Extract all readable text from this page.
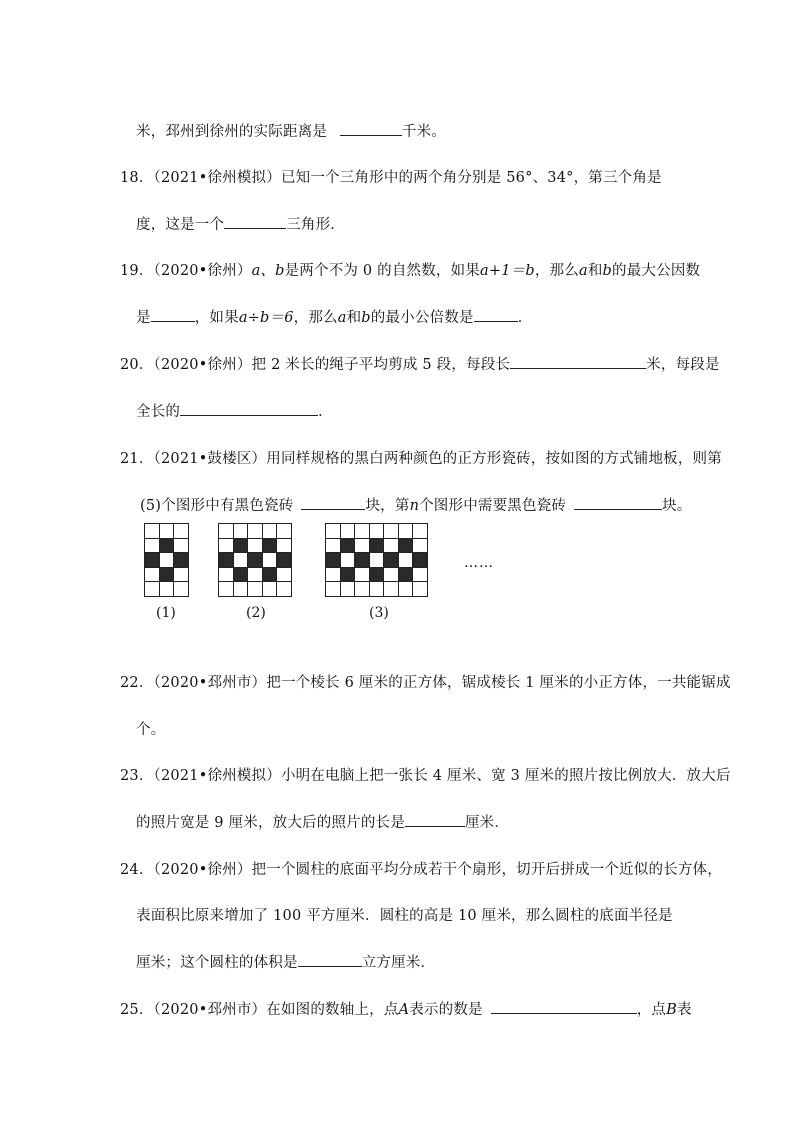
米，邳州到徐州的实际距离是	千米。
18．（2021•徐州模拟）已知一个三角形中的两个角分别是 56°、34°，第三个角是
度，这是一个	三角形．
19．（2020•徐州）a、b是两个不为 0 的自然数，如果a+1＝b，那么a和b的最大公因数
是	，如果a÷b＝6，那么a和b的最小公倍数是	．
20．（2020•徐州）把 2 米长的绳子平均剪成 5 段，每段长	米，每段是
全长的	．
21．（2021•鼓楼区）用同样规格的黑白两种颜色的正方形瓷砖，按如图的方式铺地板，则第
(5)个图形中有黑色瓷砖	块，第n个图形中需要黑色瓷砖	块。
(1)	(2)	(3)
……
22．（2020•邳州市）把一个棱长 6 厘米的正方体，锯成棱长 1 厘米的小正方体，一共能锯成
个。
23．（2021•徐州模拟）小明在电脑上把一张长 4 厘米、宽 3 厘米的照片按比例放大．放大后
的照片宽是 9 厘米，放大后的照片的长是	厘米．
24．（2020•徐州）把一个圆柱的底面平均分成若干个扇形，切开后拼成一个近似的长方体，
表面积比原来增加了 100 平方厘米．圆柱的高是 10 厘米，那么圆柱的底面半径是
厘米；这个圆柱的体积是	立方厘米．
25．（2020•邳州市）在如图的数轴上，点A表示的数是	，点B表
